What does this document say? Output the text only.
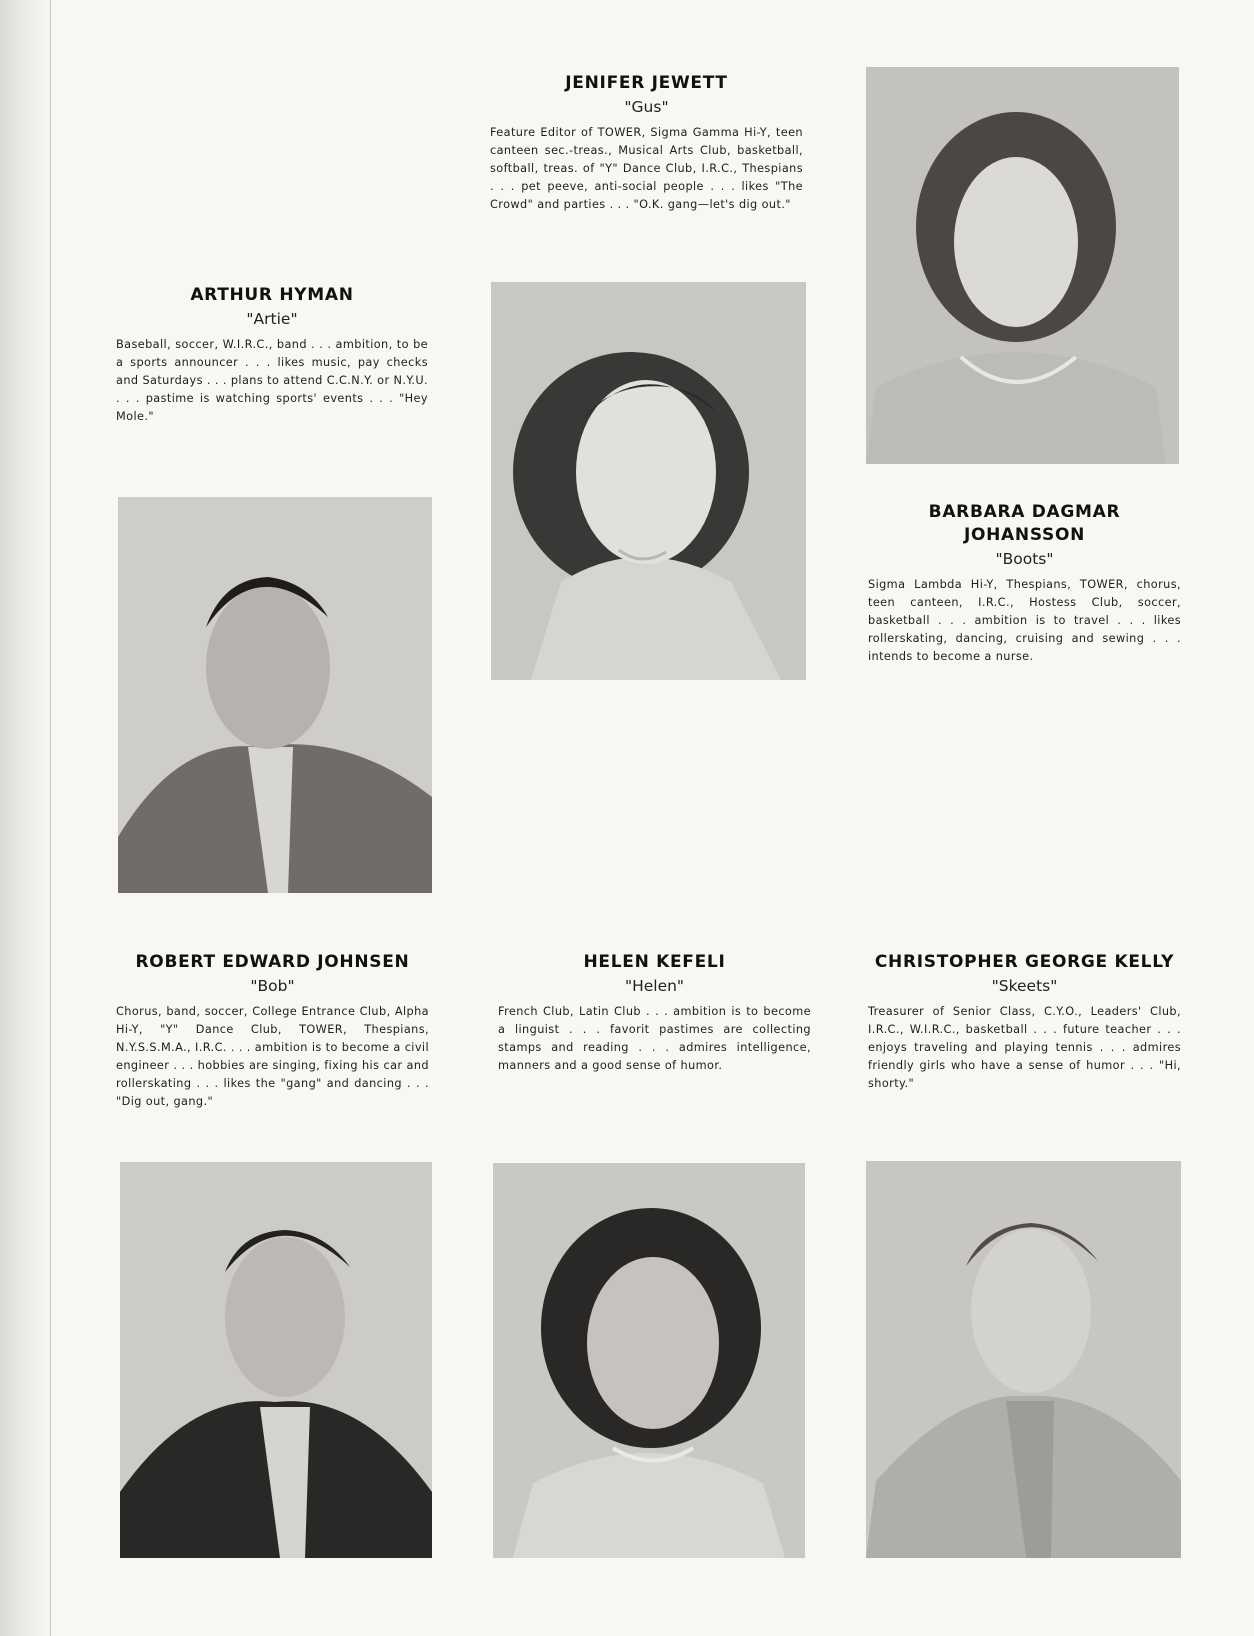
JENIFER JEWETT
"Gus"

Feature Editor of TOWER, Sigma Gamma Hi-Y, teen canteen sec.-treas., Musical Arts Club, basketball, softball, treas. of "Y" Dance Club, I.R.C., Thespians . . . pet peeve, anti-social people . . . likes "The Crowd" and parties . . . "O.K. gang—let's dig out."

ARTHUR HYMAN
"Artie"

Baseball, soccer, W.I.R.C., band . . . ambition, to be a sports announcer . . . likes music, pay checks and Saturdays . . . plans to attend C.C.N.Y. or N.Y.U. . . . pastime is watching sports' events . . . "Hey Mole."

BARBARA DAGMAR JOHANSSON
"Boots"

Sigma Lambda Hi-Y, Thespians, TOWER, chorus, teen canteen, I.R.C., Hostess Club, soccer, basketball . . . ambition is to travel . . . likes rollerskating, dancing, cruising and sewing . . . intends to become a nurse.

ROBERT EDWARD JOHNSEN
"Bob"

Chorus, band, soccer, College Entrance Club, Alpha Hi-Y, "Y" Dance Club, TOWER, Thespians, N.Y.S.S.M.A., I.R.C. . . . ambition is to become a civil engineer . . . hobbies are singing, fixing his car and rollerskating . . . likes the "gang" and dancing . . . "Dig out, gang."

HELEN KEFELI
"Helen"

French Club, Latin Club . . . ambition is to become a linguist . . . favorit pastimes are collecting stamps and reading . . . admires intelligence, manners and a good sense of humor.

CHRISTOPHER GEORGE KELLY
"Skeets"

Treasurer of Senior Class, C.Y.O., Leaders' Club, I.R.C., W.I.R.C., basketball . . . future teacher . . . enjoys traveling and playing tennis . . . admires friendly girls who have a sense of humor . . . "Hi, shorty."
